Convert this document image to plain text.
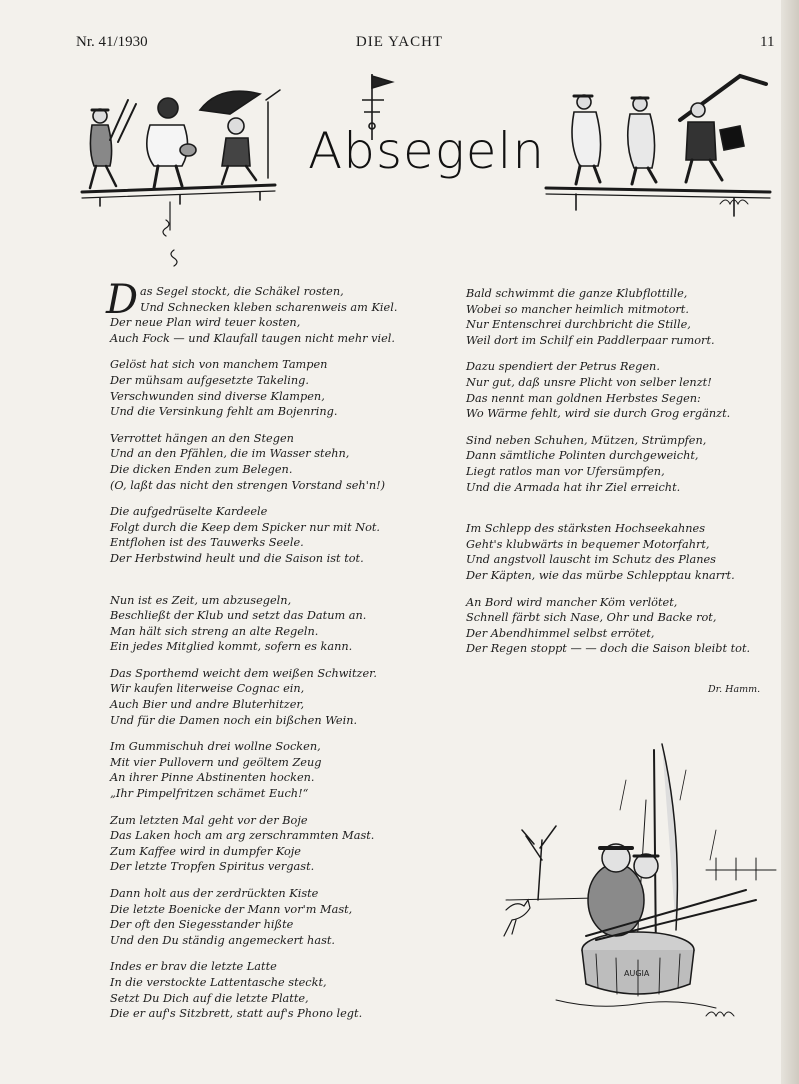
Nr. 41/1930	DIE YACHT	11
Absegeln
D as Segel stockt, die Schäkel rosten,
Und Schnecken kleben scharenweis am Kiel.
Der neue Plan wird teuer kosten,
Auch Fock — und Klaufall taugen nicht mehr viel.
Gelöst hat sich von manchem Tampen
Der mühsam aufgesetzte Takeling.
Verschwunden sind diverse Klampen,
Und die Versinkung fehlt am Bojenring.
Verrottet hängen an den Stegen
Und an den Pfählen, die im Wasser stehn,
Die dicken Enden zum Belegen.
(O, laßt das nicht den strengen Vorstand seh'n!)
Die aufgedrüselte Kardeele
Folgt durch die Keep dem Spicker nur mit Not.
Entflohen ist des Tauwerks Seele.
Der Herbstwind heult und die Saison ist tot.
Nun ist es Zeit, um abzusegeln,
Beschließt der Klub und setzt das Datum an.
Man hält sich streng an alte Regeln.
Ein jedes Mitglied kommt, sofern es kann.
Das Sporthemd weicht dem weißen Schwitzer.
Wir kaufen literweise Cognac ein,
Auch Bier und andre Bluterhitzer,
Und für die Damen noch ein bißchen Wein.
Im Gummischuh drei wollne Socken,
Mit vier Pullovern und geöltem Zeug
An ihrer Pinne Abstinenten hocken.
„Ihr Pimpelfritzen schämet Euch!“
Zum letzten Mal geht vor der Boje
Das Laken hoch am arg zerschrammten Mast.
Zum Kaffee wird in dumpfer Koje
Der letzte Tropfen Spiritus vergast.
Dann holt aus der zerdrückten Kiste
Die letzte Boenicke der Mann vor'm Mast,
Der oft den Siegesstander hißte
Und den Du ständig angemeckert hast.
Indes er brav die letzte Latte
In die verstockte Lattentasche steckt,
Setzt Du Dich auf die letzte Platte,
Die er auf's Sitzbrett, statt auf's Phono legt.
Bald schwimmt die ganze Klubflottille,
Wobei so mancher heimlich mitmotort.
Nur Entenschrei durchbricht die Stille,
Weil dort im Schilf ein Paddlerpaar rumort.
Dazu spendiert der Petrus Regen.
Nur gut, daß unsre Plicht von selber lenzt!
Das nennt man goldnen Herbstes Segen:
Wo Wärme fehlt, wird sie durch Grog ergänzt.
Sind neben Schuhen, Mützen, Strümpfen,
Dann sämtliche Polinten durchgeweicht,
Liegt ratlos man vor Ufersümpfen,
Und die Armada hat ihr Ziel erreicht.
Im Schlepp des stärksten Hochseekahnes
Geht's klubwärts in bequemer Motorfahrt,
Und angstvoll lauscht im Schutz des Planes
Der Käpten, wie das mürbe Schlepptau knarrt.
An Bord wird mancher Köm verlötet,
Schnell färbt sich Nase, Ohr und Backe rot,
Der Abendhimmel selbst errötet,
Der Regen stoppt — — doch die Saison bleibt tot.
Dr. Hamm.
AUGIA
